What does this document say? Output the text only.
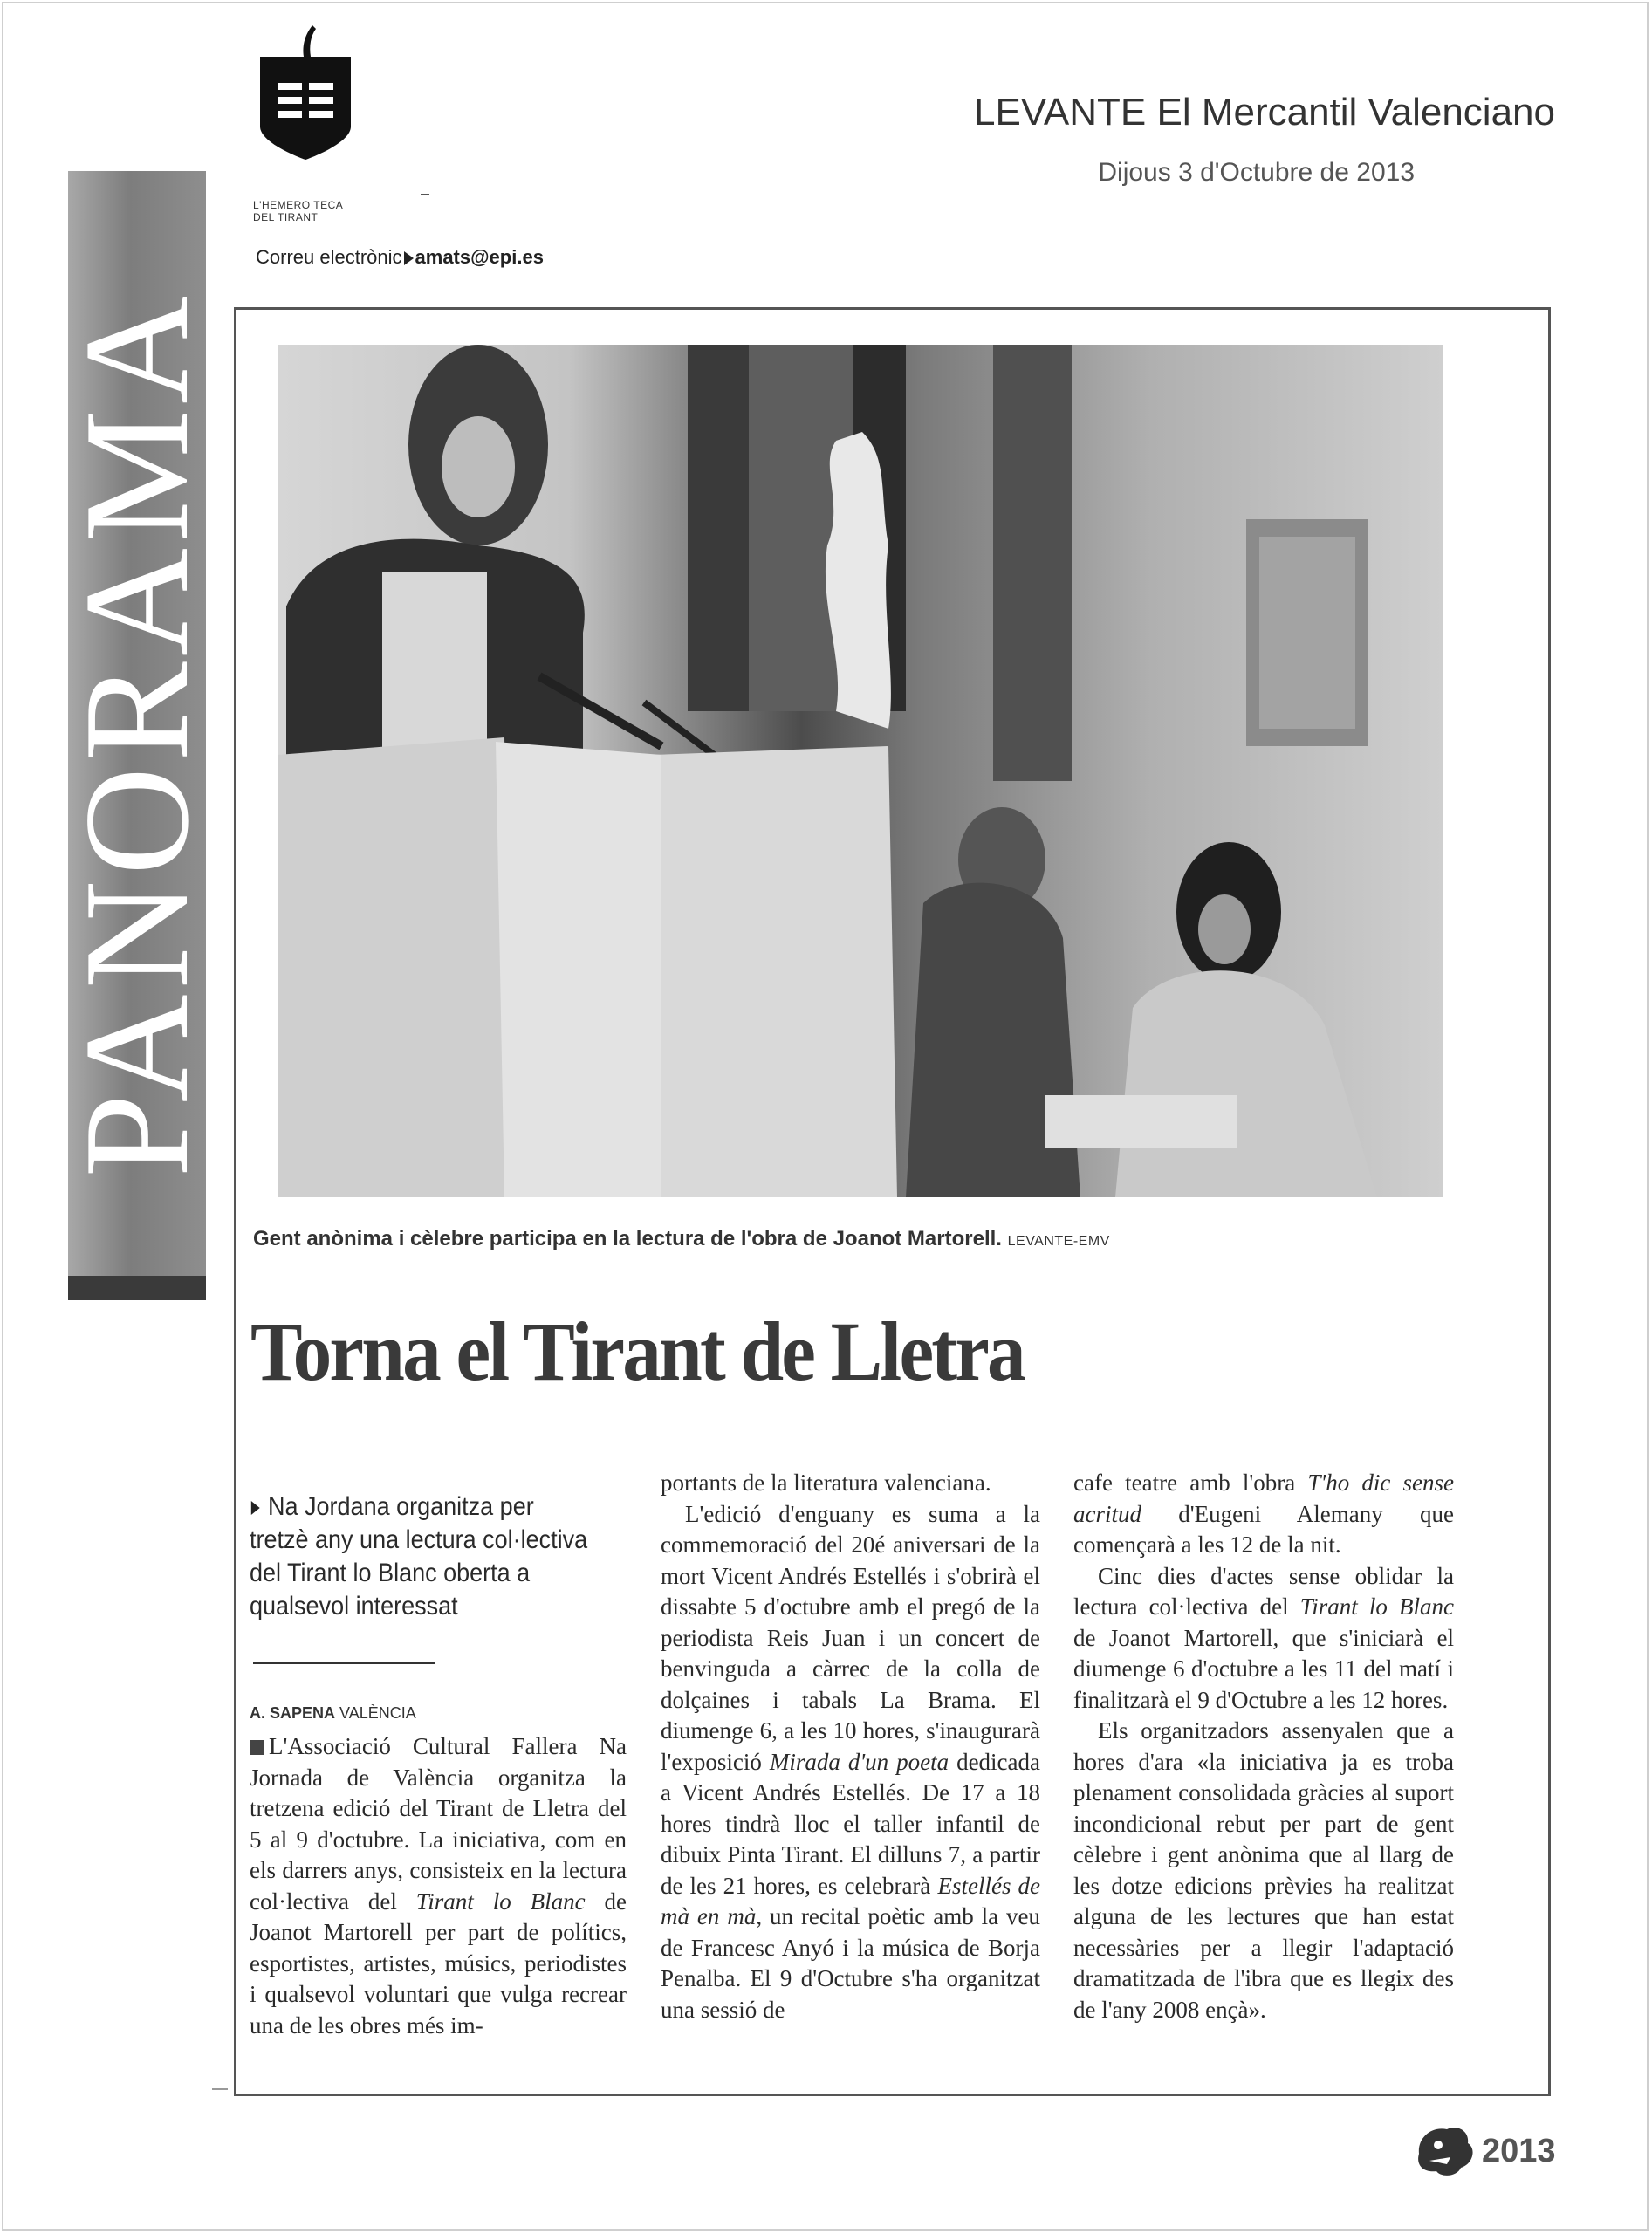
L'HEMERO TECA
DEL TIRANT
Correu electrònic amats@epi.es
LEVANTE El Mercantil Valenciano
Dijous 3 d'Octubre de 2013
PANORAMA
Gent anònima i cèlebre participa en la lectura de l'obra de Joanot Martorell. LEVANTE-EMV
Torna el Tirant de Lletra
Na Jordana organitza per tretzè any una lectura col·lectiva del Tirant lo Blanc oberta a qualsevol interessat
A. SAPENA VALÈNCIA

L'Associació Cultural Fallera Na Jornada de València organitza la tretzena edició del Tirant de Lletra del 5 al 9 d'octubre. La iniciativa, com en els darrers anys, consisteix en la lectura col·lectiva del Tirant lo Blanc de Joanot Martorell per part de polítics, esportistes, artistes, músics, periodistes i qualsevol voluntari que vulga recrear una de les obres més im-

portants de la literatura valenciana.

L'edició d'enguany es suma a la commemoració del 20é aniversari de la mort Vicent Andrés Estellés i s'obrirà el dissabte 5 d'octubre amb el pregó de la periodista Reis Juan i un concert de benvinguda a càrrec de la colla de dolçaines i tabals La Brama. El diumenge 6, a les 10 hores, s'inaugurarà l'exposició Mirada d'un poeta dedicada a Vicent Andrés Estellés. De 17 a 18 hores tindrà lloc el taller infantil de dibuix Pinta Tirant. El dilluns 7, a partir de les 21 hores, es celebrarà Estellés de mà en mà, un recital poètic amb la veu de Francesc Anyó i la música de Borja Penalba. El 9 d'Octubre s'ha organitzat una sessió de

cafe teatre amb l'obra T'ho dic sense acritud d'Eugeni Alemany que començarà a les 12 de la nit.

Cinc dies d'actes sense oblidar la lectura col·lectiva del Tirant lo Blanc de Joanot Martorell, que s'iniciarà el diumenge 6 d'octubre a les 11 del matí i finalitzarà el 9 d'Octubre a les 12 hores.

Els organitzadors assenyalen que a hores d'ara «la iniciativa ja es troba plenament consolidada gràcies al suport incondicional rebut per part de gent cèlebre i gent anònima que al llarg de les dotze edicions prèvies ha realitzat alguna de les lectures que han estat necessàries per a llegir l'adaptació dramatitzada de l'ibra que es llegix des de l'any 2008 ençà».

2013
